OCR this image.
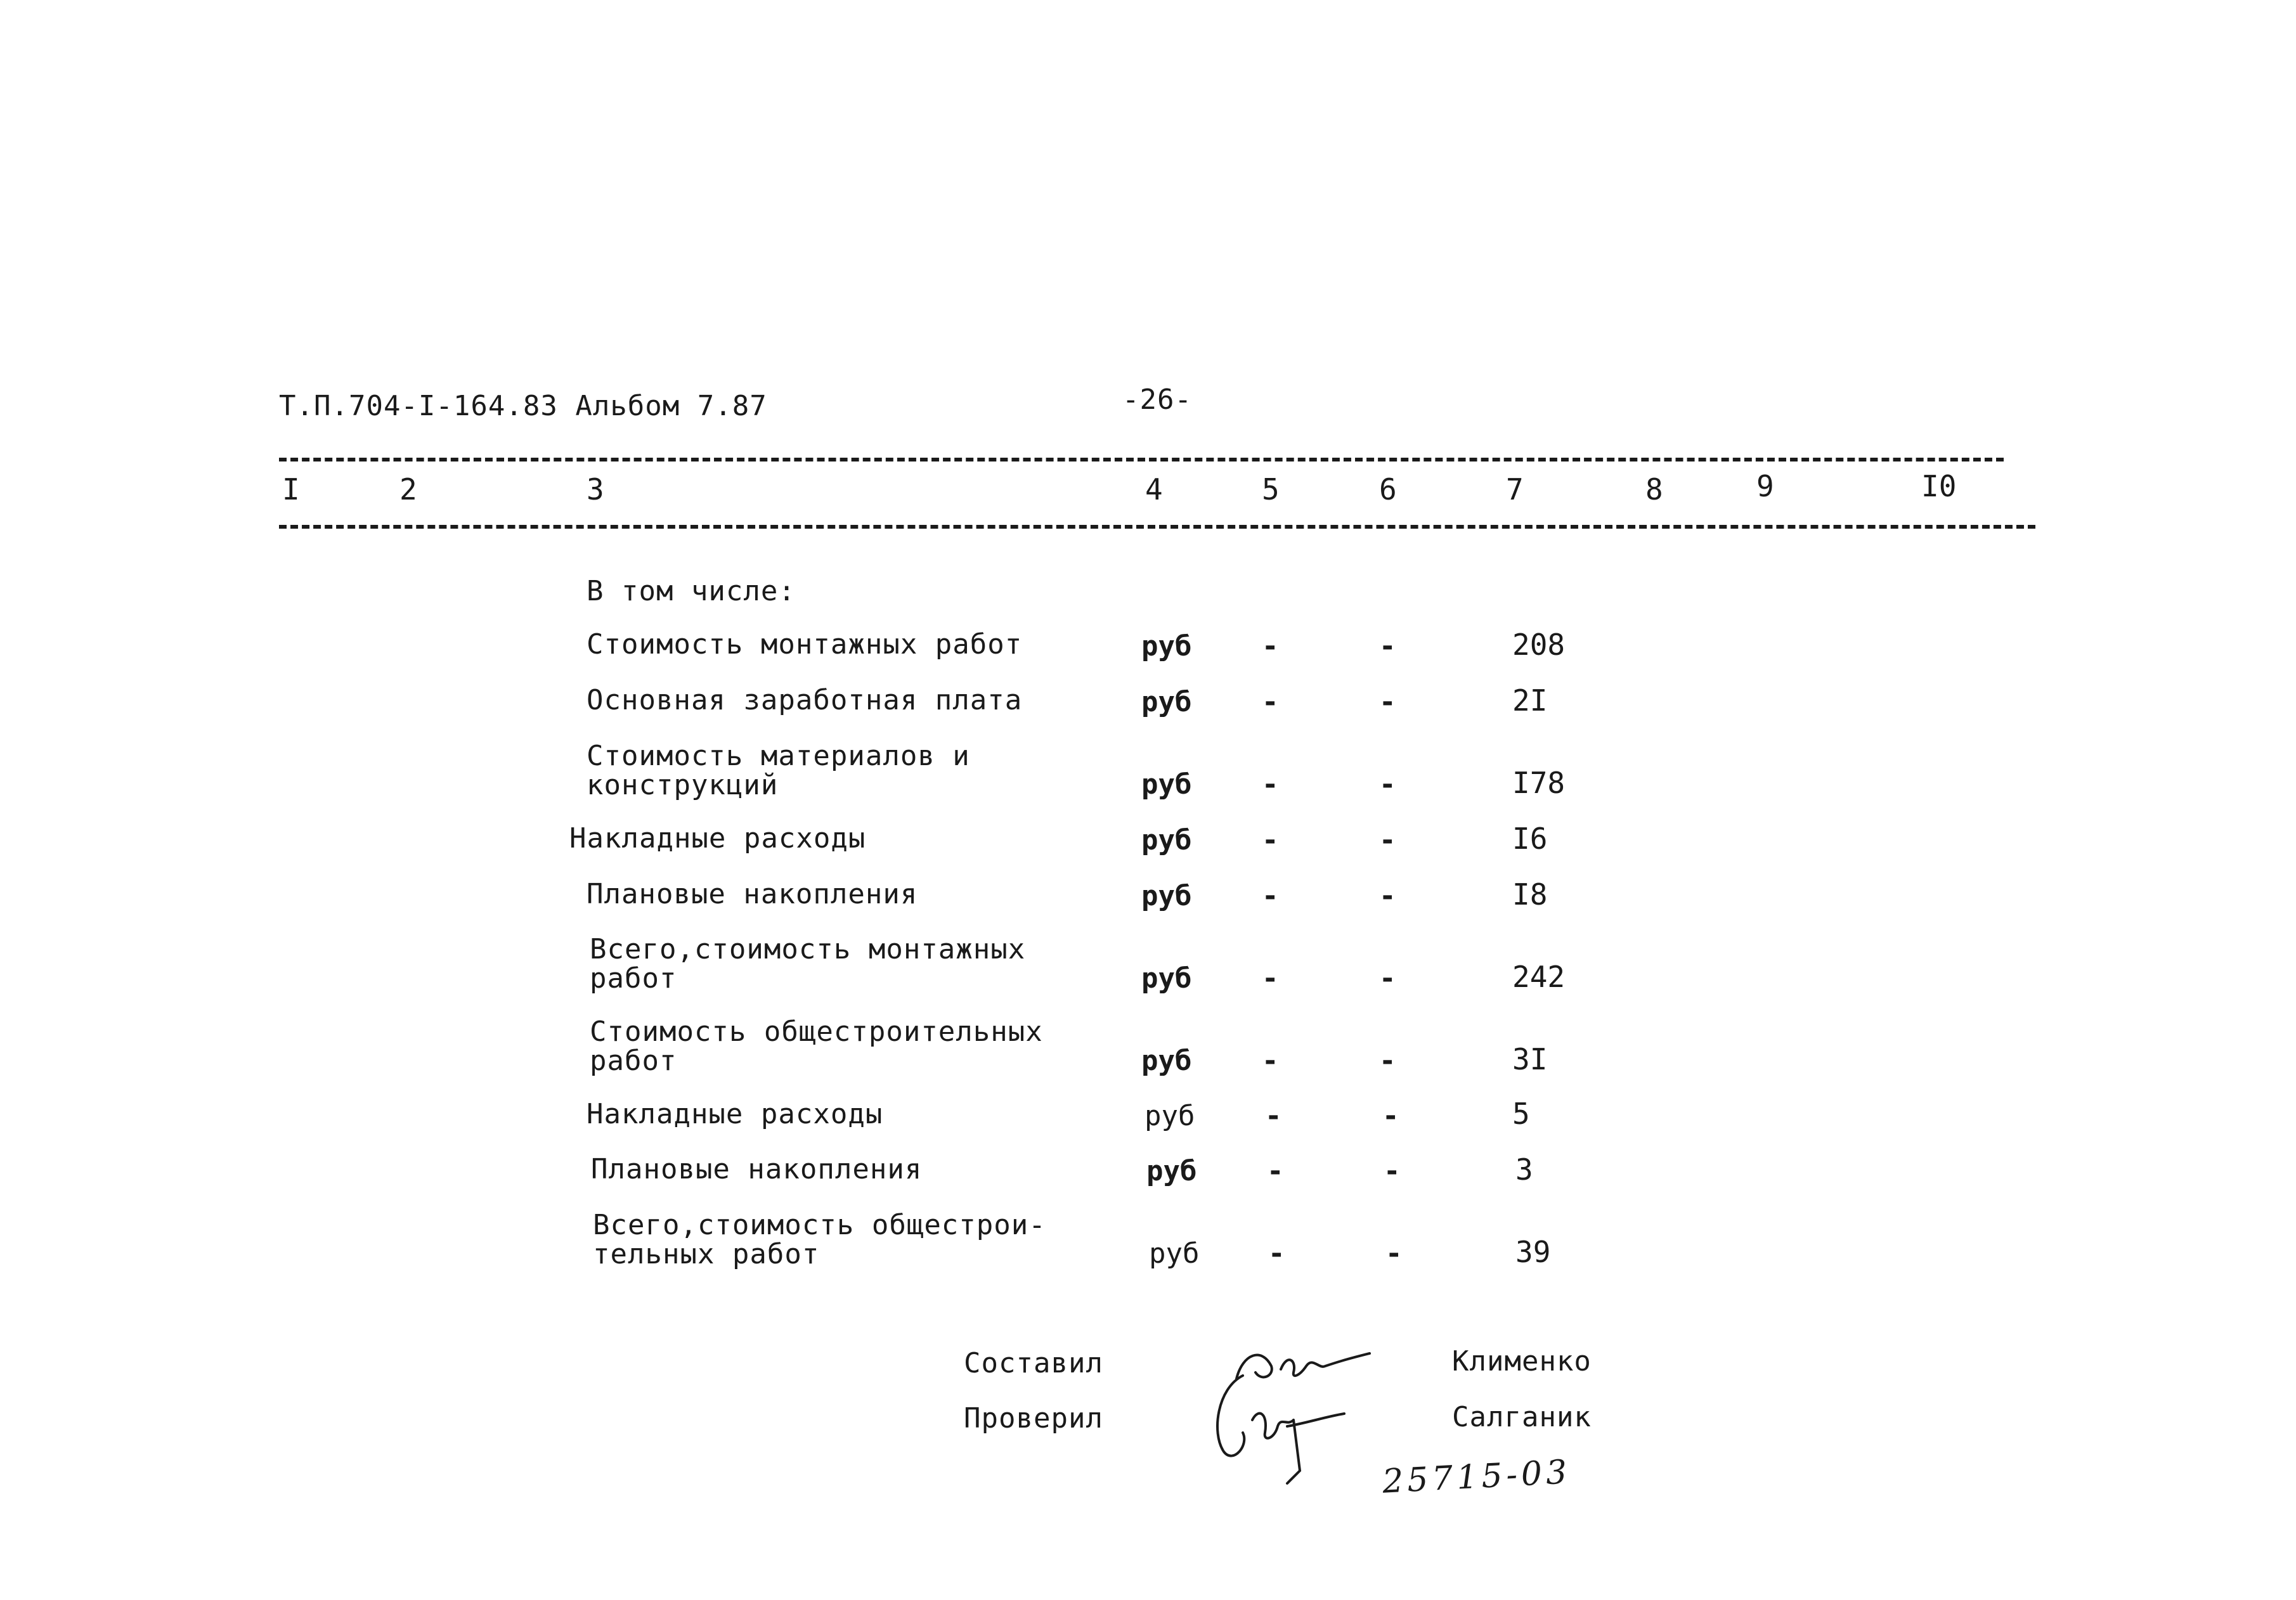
Т.П.704-I-164.83 Альбом 7.87	-26-
I	2	3	4	5	6	7	8	9	I0
В том числе:
Стоимость монтажных работ	руб	-	-	208
Основная заработная плата	руб	-	-	2I
Стоимость материалов и
конструкций	руб	-	-	I78
Накладные расходы	руб	-	-	I6
Плановые накопления	руб	-	-	I8
Всего,стоимость монтажных
работ	руб	-	-	242
Стоимость общестроительных
работ	руб	-	-	3I
Накладные расходы	руб	-	-	5
Плановые накопления	руб	-	-	3
Всего,стоимость общестрои-
тельных работ	руб -	-	39
Составил
Проверил
Клименко
Салганик
25715-03
